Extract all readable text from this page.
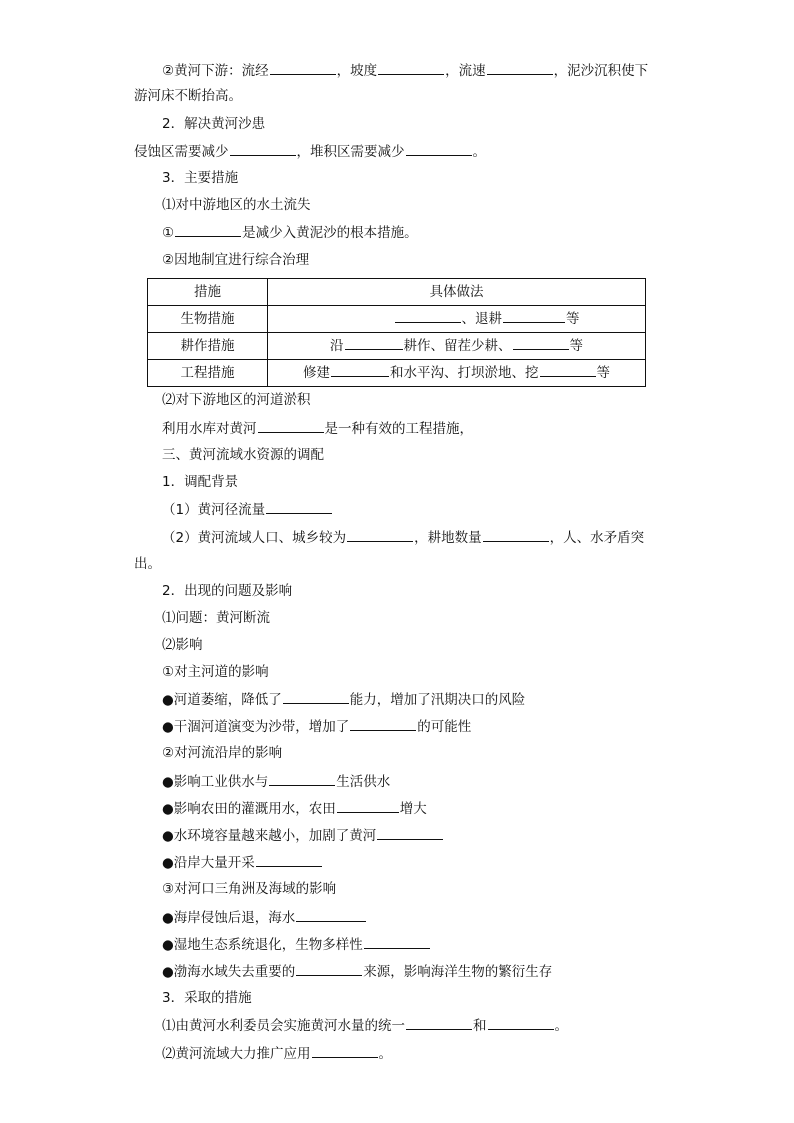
②黄河下游：流经	，坡度	，流速	，泥沙沉积使下
游河床不断抬高。
2．解决黄河沙患
侵蚀区需要减少	，堆积区需要减少	。
3．主要措施
⑴对中游地区的水土流失
①	是减少入黄泥沙的根本措施。
②因地制宜进行综合治理
措施	具体做法
生物措施	、退耕 等
耕作措施	沿 耕作、留茬少耕、 等
工程措施	修建 和水平沟、打坝淤地、挖 等
⑵对下游地区的河道淤积
利用水库对黄河	是一种有效的工程措施，
三、黄河流域水资源的调配
1．调配背景
（1）黄河径流量
（2）黄河流域人口、城乡较为	，耕地数量	，人、水矛盾突
出。
2．出现的问题及影响
⑴问题：黄河断流
⑵影响
①对主河道的影响
●河道萎缩，降低了	能力，增加了汛期决口的风险
●干涸河道演变为沙带，增加了	的可能性
②对河流沿岸的影响
●影响工业供水与	生活供水
●影响农田的灌溉用水，农田	增大
●水环境容量越来越小，加剧了黄河
●沿岸大量开采
③对河口三角洲及海域的影响
●海岸侵蚀后退，海水
●湿地生态系统退化，生物多样性
●渤海水域失去重要的	来源，影响海洋生物的繁衍生存
3．采取的措施
⑴由黄河水利委员会实施黄河水量的统一	和	。
⑵黄河流域大力推广应用	。
